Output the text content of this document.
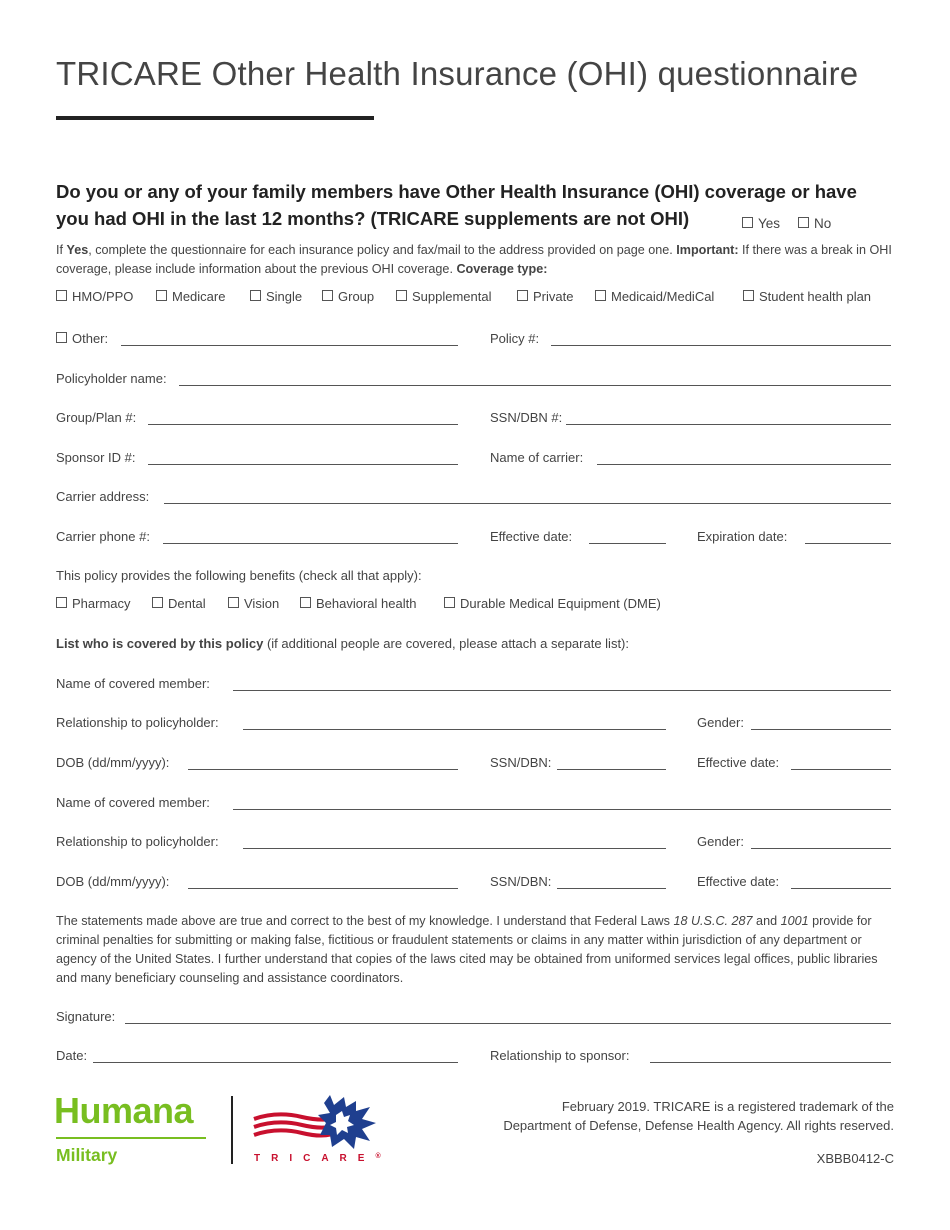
TRICARE Other Health Insurance (OHI) questionnaire
Do you or any of your family members have Other Health Insurance (OHI) coverage or have
you had OHI in the last 12 months? (TRICARE supplements are not OHI)	Yes	No
If Yes, complete the questionnaire for each insurance policy and fax/mail to the address provided on page one. Important: If there was a break in OHI coverage, please include information about the previous OHI coverage. Coverage type:
HMO/PPO	Medicare	Single	Group	Supplemental	Private	Medicaid/MediCal	Student health plan
Other:	Policy #:
Policyholder name:
Group/Plan #:	SSN/DBN #:
Sponsor ID #:	Name of carrier:
Carrier address:
Carrier phone #:	Effective date:	Expiration date:
This policy provides the following benefits (check all that apply):
Pharmacy	Dental	Vision	Behavioral health	Durable Medical Equipment (DME)
List who is covered by this policy (if additional people are covered, please attach a separate list):
Name of covered member:
Relationship to policyholder:	Gender:
DOB (dd/mm/yyyy):	SSN/DBN:	Effective date:
Name of covered member:
Relationship to policyholder:	Gender:
DOB (dd/mm/yyyy):	SSN/DBN:	Effective date:
The statements made above are true and correct to the best of my knowledge. I understand that Federal Laws 18 U.S.C. 287 and 1001 provide for criminal penalties for submitting or making false, fictitious or fraudulent statements or claims in any matter within jurisdiction of any department or agency of the United States. I further understand that copies of the laws cited may be obtained from uniformed services legal offices, public libraries and many beneficiary counseling and assistance coordinators.
Signature:
Date:	Relationship to sponsor:
Humana
Military	TRICARE®
February 2019. TRICARE is a registered trademark of the
Department of Defense, Defense Health Agency. All rights reserved.
XBBB0412-C
